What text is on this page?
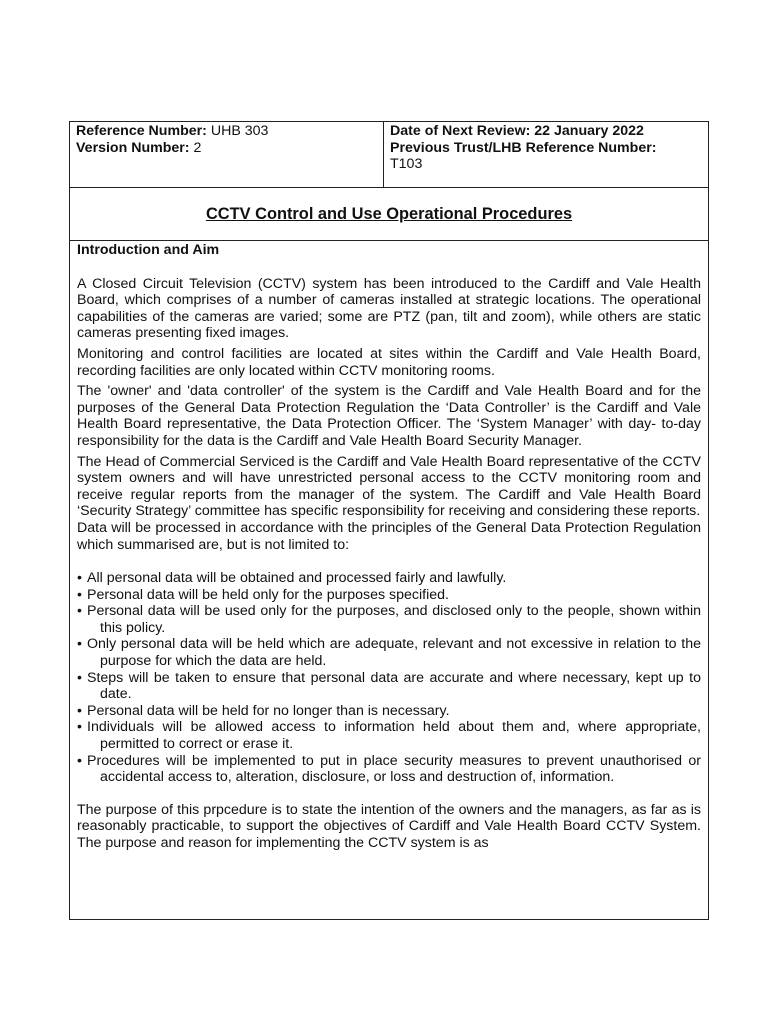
Reference Number: UHB 303
Version Number: 2

Date of Next Review: 22 January 2022
Previous Trust/LHB Reference Number:
T103

CCTV Control and Use Operational Procedures

Introduction and Aim

A Closed Circuit Television (CCTV) system has been introduced to the Cardiff and Vale Health Board, which comprises of a number of cameras installed at strategic locations. The operational capabilities of the cameras are varied; some are PTZ (pan, tilt and zoom), while others are static cameras presenting fixed images.

Monitoring and control facilities are located at sites within the Cardiff and Vale Health Board, recording facilities are only located within CCTV monitoring rooms.

The 'owner' and 'data controller' of the system is the Cardiff and Vale Health Board and for the purposes of the General Data Protection Regulation the ‘Data Controller’ is the Cardiff and Vale Health Board representative, the Data Protection Officer. The ‘System Manager’ with day- to-day responsibility for the data is the Cardiff and Vale Health Board Security Manager.

The Head of Commercial Serviced is the Cardiff and Vale Health Board representative of the CCTV system owners and will have unrestricted personal access to the CCTV monitoring room and receive regular reports from the manager of the system. The Cardiff and Vale Health Board ‘Security Strategy’ committee has specific responsibility for receiving and considering these reports.

Data will be processed in accordance with the principles of the General Data Protection Regulation which summarised are, but is not limited to:

• All personal data will be obtained and processed fairly and lawfully.
• Personal data will be held only for the purposes specified.
• Personal data will be used only for the purposes, and disclosed only to the people, shown within this policy.
• Only personal data will be held which are adequate, relevant and not excessive in relation to the purpose for which the data are held.
• Steps will be taken to ensure that personal data are accurate and where necessary, kept up to date.
• Personal data will be held for no longer than is necessary.
• Individuals will be allowed access to information held about them and, where appropriate, permitted to correct or erase it.
• Procedures will be implemented to put in place security measures to prevent unauthorised or accidental access to, alteration, disclosure, or loss and destruction of, information.

The purpose of this prpcedure is to state the intention of the owners and the managers, as far as is reasonably practicable, to support the objectives of Cardiff and Vale Health Board CCTV System. The purpose and reason for implementing the CCTV system is as
